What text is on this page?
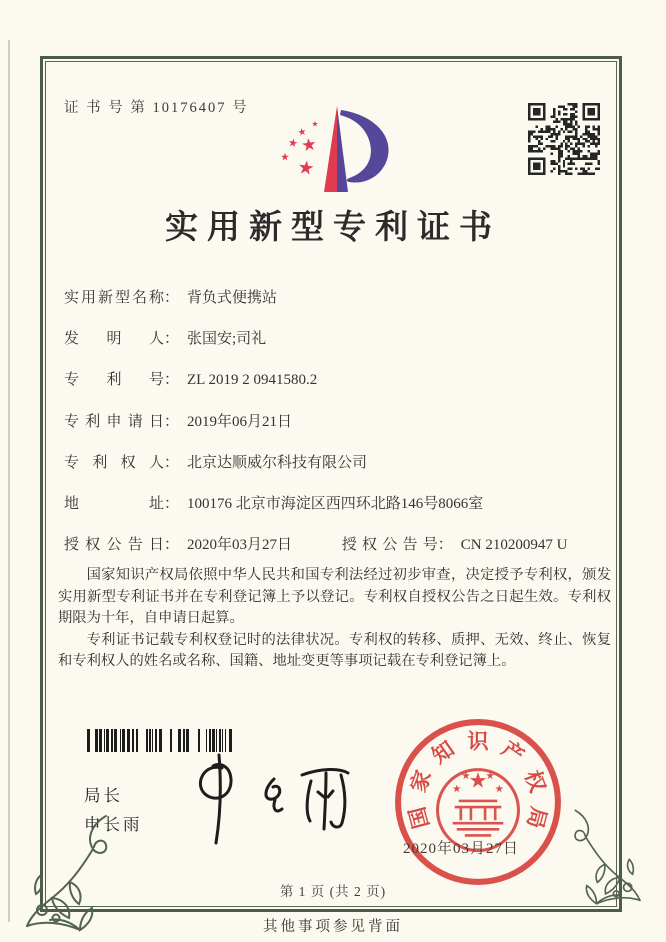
证 书 号 第 10176407 号
实用新型专利证书
实用新型名称： 背负式便携站
发明人： 张国安;司礼
专利号： ZL 2019 2 0941580.2
专利申请日： 2019年06月21日
专利权人： 北京达顺威尔科技有限公司
地址： 100176 北京市海淀区西四环北路146号8066室
授权公告日： 2020年03月27日	授权公告号： CN 210200947 U

国家知识产权局依照中华人民共和国专利法经过初步审查，决定授予专利权，颁发实用新型专利证书并在专利登记簿上予以登记。专利权自授权公告之日起生效。专利权期限为十年，自申请日起算。

专利证书记载专利权登记时的法律状况。专利权的转移、质押、无效、终止、恢复和专利权人的姓名或名称、国籍、地址变更等事项记载在专利登记簿上。

局长
申长雨	国
家
知 识 产
权
局
2020年03月27日
第 1 页 (共 2 页)
其他事项参见背面
